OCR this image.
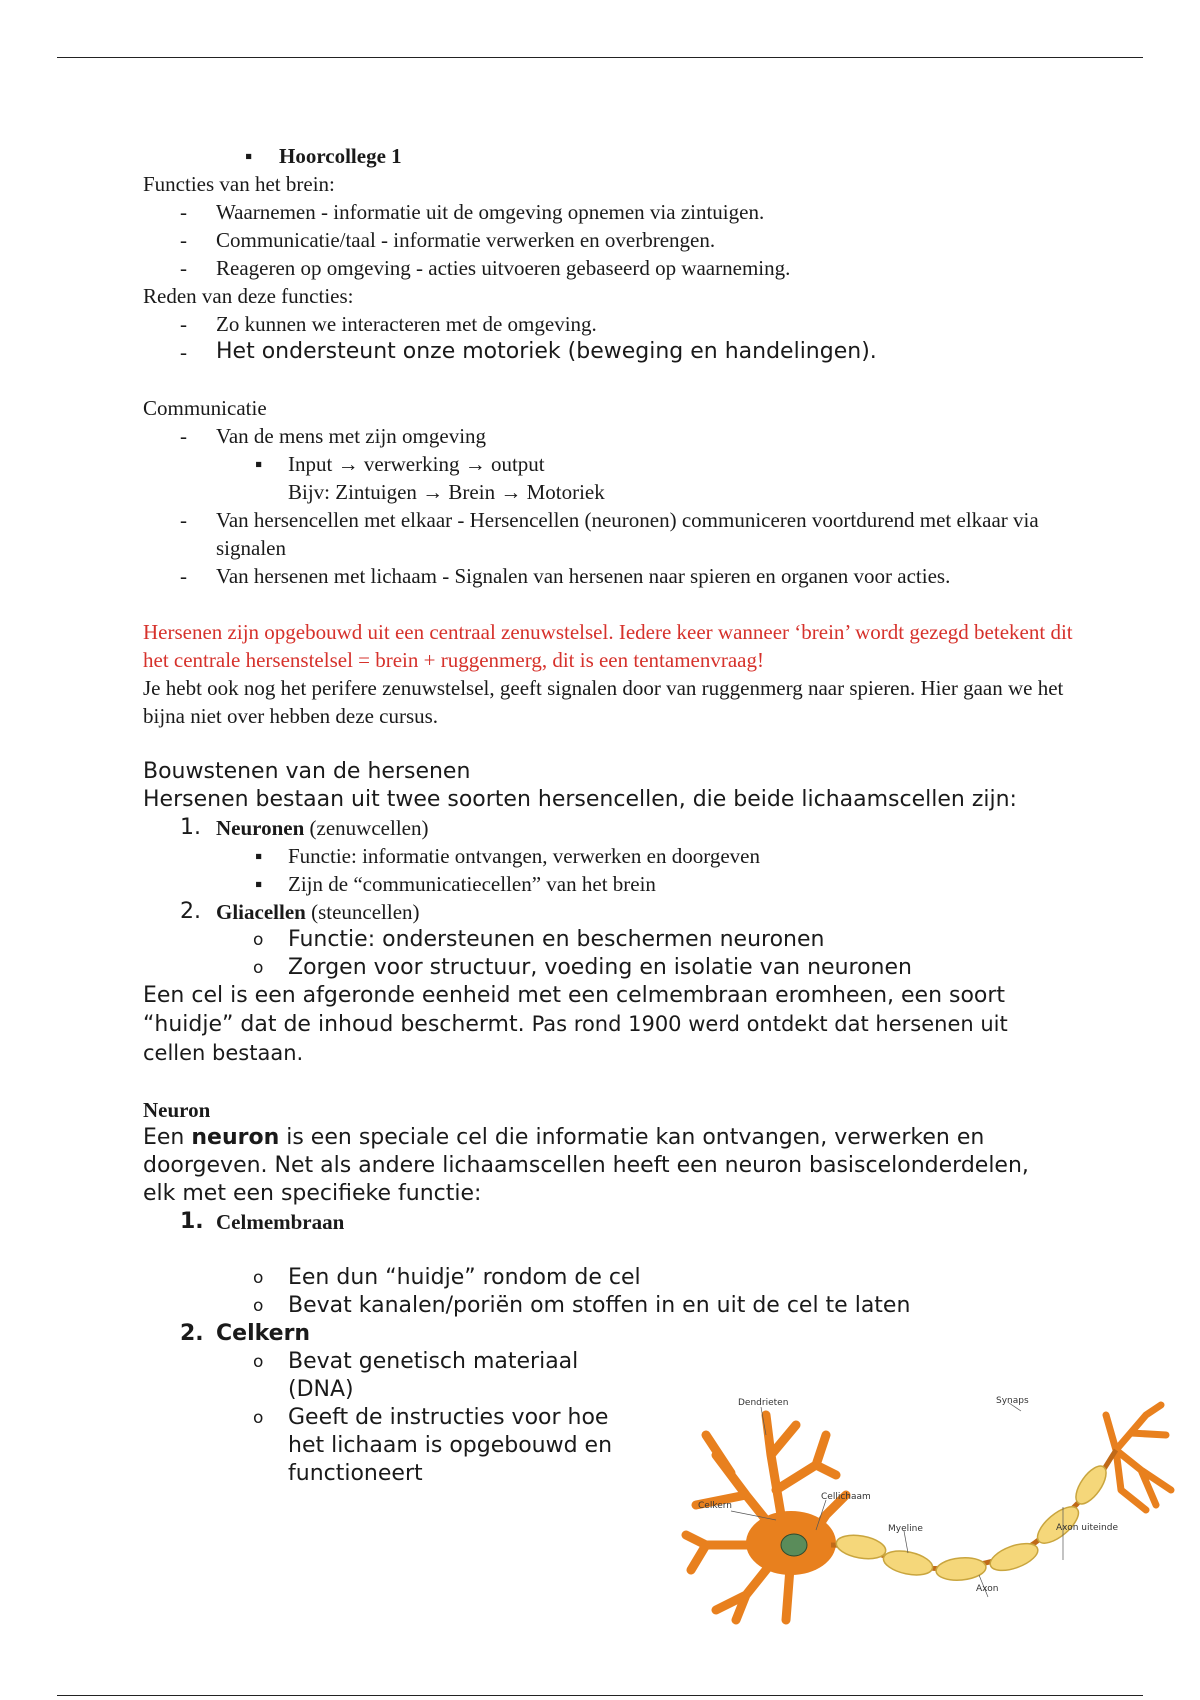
▪ Hoorcollege 1
Functies van het brein:
- Waarnemen - informatie uit de omgeving opnemen via zintuigen.
- Communicatie/taal - informatie verwerken en overbrengen.
- Reageren op omgeving - acties uitvoeren gebaseerd op waarneming.
Reden van deze functies:
- Zo kunnen we interacteren met de omgeving.
- Het ondersteunt onze motoriek (beweging en handelingen).
Communicatie
- Van de mens met zijn omgeving
▪ Input → verwerking → output
Bijv: Zintuigen → Brein → Motoriek
- Van hersencellen met elkaar - Hersencellen (neuronen) communiceren voortdurend met elkaar via signalen
- Van hersenen met lichaam - Signalen van hersenen naar spieren en organen voor acties.
Hersenen zijn opgebouwd uit een centraal zenuwstelsel. Iedere keer wanneer ‘brein’ wordt gezegd betekent dit het centrale hersenstelsel = brein + ruggenmerg, dit is een tentamenvraag!
Je hebt ook nog het perifere zenuwstelsel, geeft signalen door van ruggenmerg naar spieren. Hier gaan we het bijna niet over hebben deze cursus.
Bouwstenen van de hersenen
Hersenen bestaan uit twee soorten hersencellen, die beide lichaamscellen zijn:
1. Neuronen (zenuwcellen)
▪ Functie: informatie ontvangen, verwerken en doorgeven
▪ Zijn de “communicatiecellen” van het brein
2. Gliacellen (steuncellen)
o Functie: ondersteunen en beschermen neuronen
o Zorgen voor structuur, voeding en isolatie van neuronen
Een cel is een afgeronde eenheid met een celmembraan eromheen, een soort “huidje” dat de inhoud beschermt. Pas rond 1900 werd ontdekt dat hersenen uit cellen bestaan.
Neuron
Een neuron is een speciale cel die informatie kan ontvangen, verwerken en doorgeven. Net als andere lichaamscellen heeft een neuron basiscelonderdelen, elk met een specifieke functie:
1. Celmembraan
o Een dun “huidje” rondom de cel
o Bevat kanalen/poriën om stoffen in en uit de cel te laten
2. Celkern
o Bevat genetisch materiaal (DNA)
o Geeft de instructies voor hoe het lichaam is opgebouwd en functioneert
Dendrieten	Synaps
Celkern
Cellichaam
Myeline	Axon uiteinde
Axon
